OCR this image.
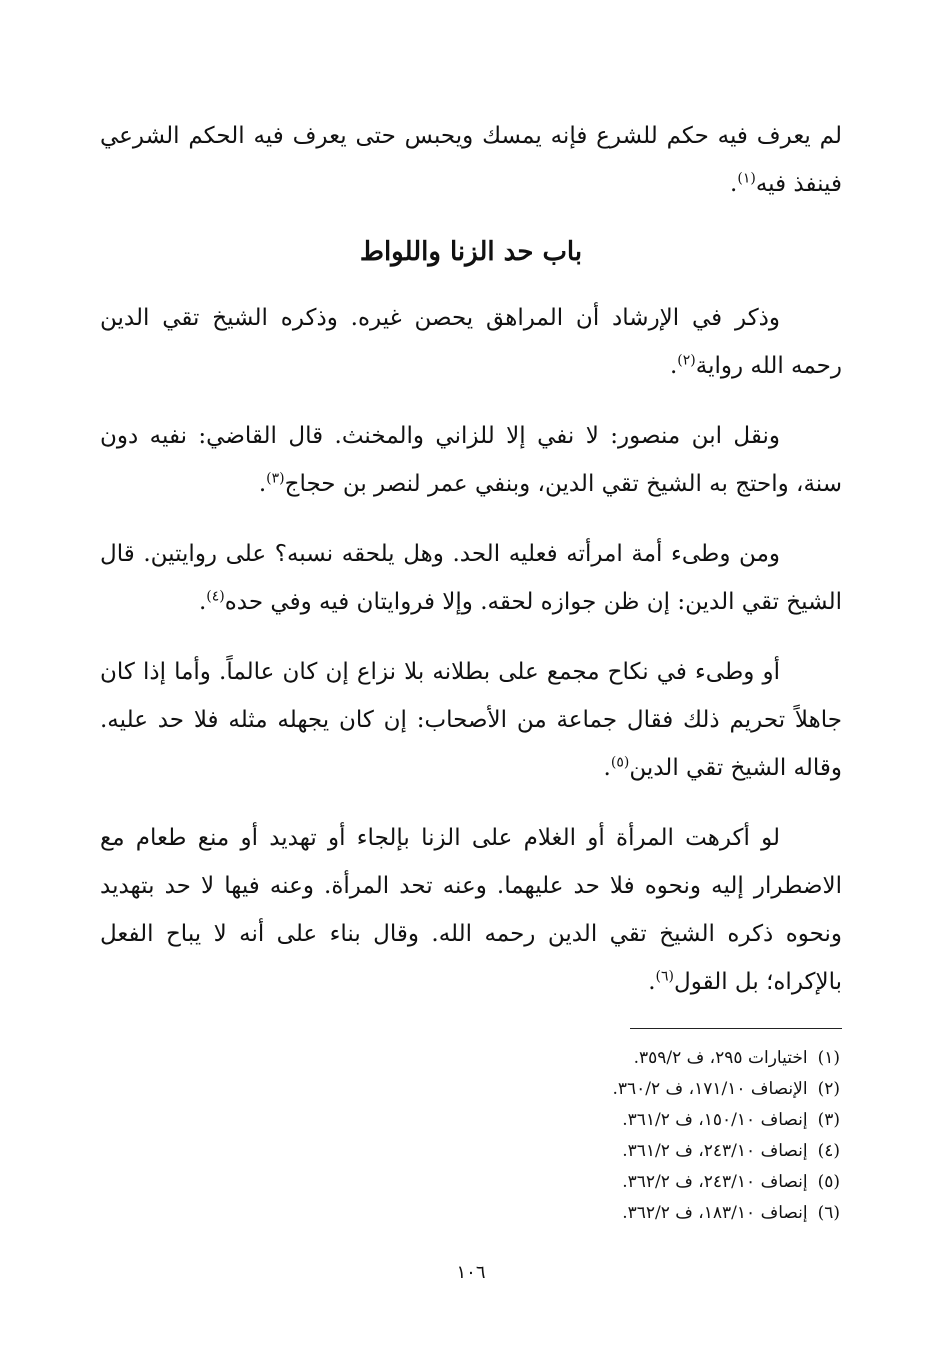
لم يعرف فيه حكم للشرع فإنه يمسك ويحبس حتى يعرف فيه الحكم الشرعي فينفذ فيه$^{(١)}$.

باب حد الزنا واللواط

وذكر في الإرشاد أن المراهق يحصن غيره. وذكره الشيخ تقي الدين رحمه الله رواية$^{(٢)}$.

ونقل ابن منصور: لا نفي إلا للزاني والمخنث. قال القاضي: نفيه دون سنة، واحتج به الشيخ تقي الدين، وبنفي عمر لنصر بن حجاج$^{(٣)}$.

ومن وطىء أمة امرأته فعليه الحد. وهل يلحقه نسبه؟ على روايتين. قال الشيخ تقي الدين: إن ظن جوازه لحقه. وإلا فروايتان فيه وفي حده$^{(٤)}$.

أو وطىء في نكاح مجمع على بطلانه بلا نزاع إن كان عالماً. وأما إذا كان جاهلاً تحريم ذلك فقال جماعة من الأصحاب: إن كان يجهله مثله فلا حد عليه. وقاله الشيخ تقي الدين$^{(٥)}$.

لو أكرهت المرأة أو الغلام على الزنا بإلجاء أو تهديد أو منع طعام مع الاضطرار إليه ونحوه فلا حد عليهما. وعنه تحد المرأة. وعنه فيها لا حد بتهديد ونحوه ذكره الشيخ تقي الدين رحمه الله. وقال بناء على أنه لا يباح الفعل بالإكراه؛ بل القول$^{(٦)}$.

(١)اختيارات ٢٩٥، ف ٣٥٩/٢.
(٢)الإنصاف ١٧١/١٠، ف ٣٦٠/٢.
(٣)إنصاف ١٥٠/١٠، ف ٣٦١/٢.
(٤)إنصاف ٢٤٣/١٠، ف ٣٦١/٢.
(٥)إنصاف ٢٤٣/١٠، ف ٣٦٢/٢.
(٦)إنصاف ١٨٣/١٠، ف ٣٦٢/٢.
١٠٦
